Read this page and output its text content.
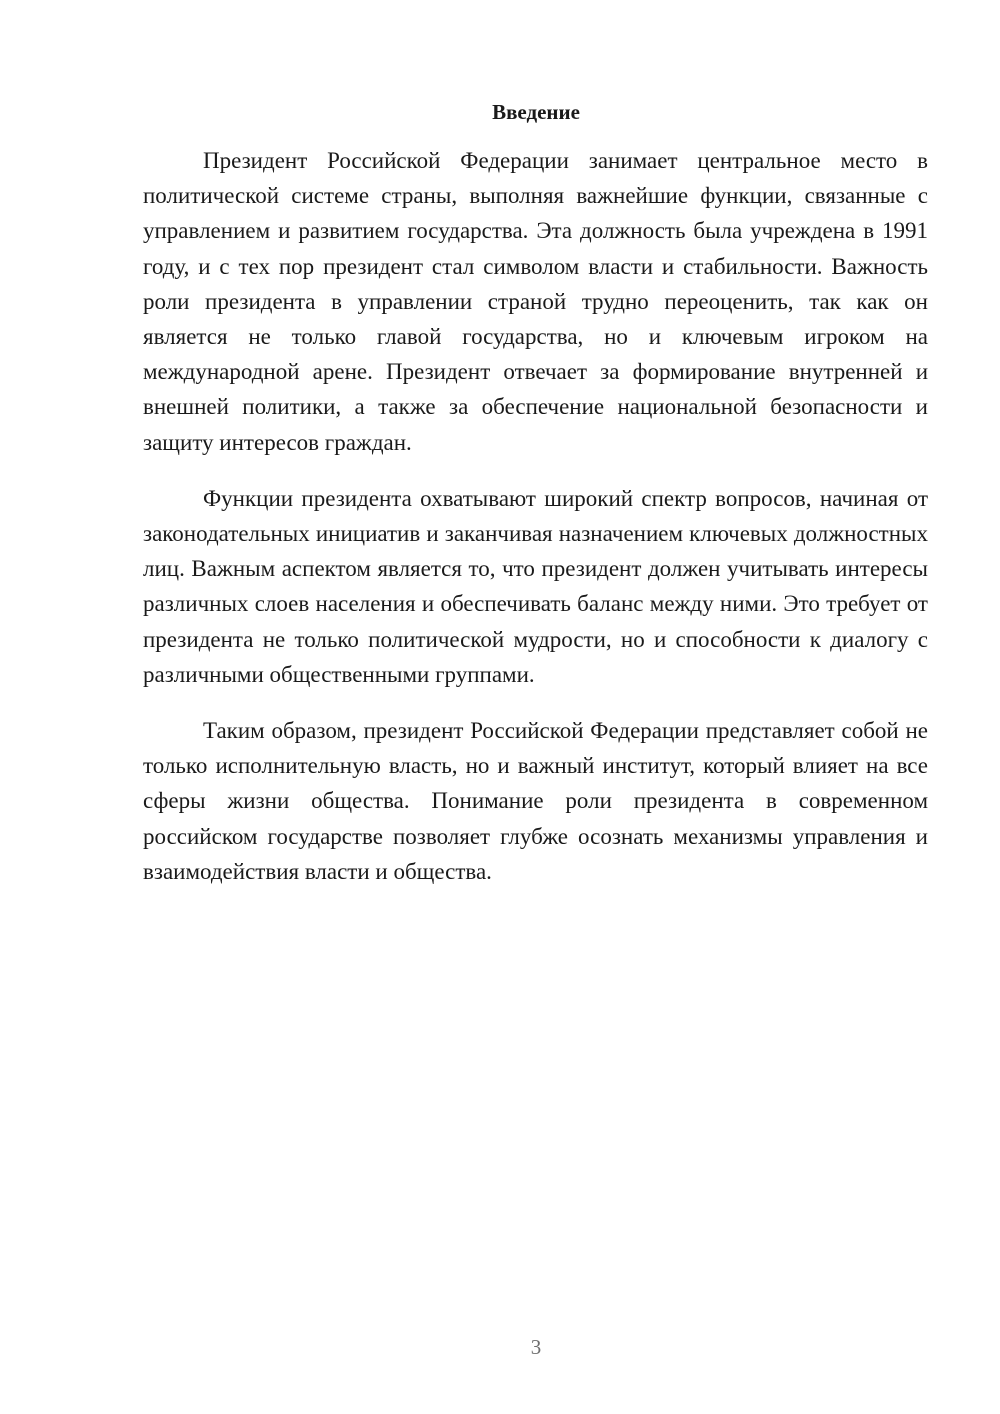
Введение

Президент Российской Федерации занимает центральное место в политической системе страны, выполняя важнейшие функции, связанные с управлением и развитием государства. Эта должность была учреждена в 1991 году, и с тех пор президент стал символом власти и стабильности. Важность роли президента в управлении страной трудно переоценить, так как он является не только главой государства, но и ключевым игроком на международной арене. Президент отвечает за формирование внутренней и внешней политики, а также за обеспечение национальной безопасности и защиту интересов граждан.

Функции президента охватывают широкий спектр вопросов, начиная от законодательных инициатив и заканчивая назначением ключевых должностных лиц. Важным аспектом является то, что президент должен учитывать интересы различных слоев населения и обеспечивать баланс между ними. Это требует от президента не только политической мудрости, но и способности к диалогу с различными общественными группами.

Таким образом, президент Российской Федерации представляет собой не только исполнительную власть, но и важный институт, который влияет на все сферы жизни общества. Понимание роли президента в современном российском государстве позволяет глубже осознать механизмы управления и взаимодействия власти и общества.

3
